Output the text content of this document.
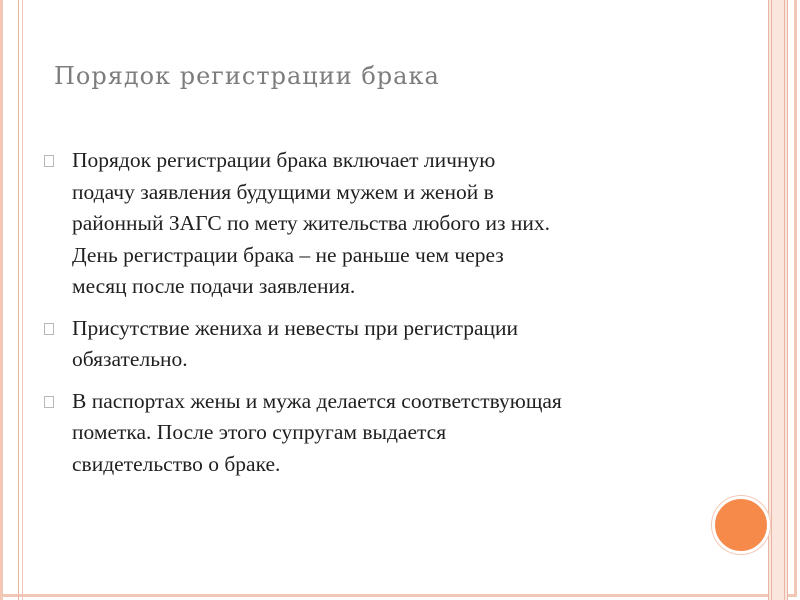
Порядок регистрации брака
Порядок регистрации брака включает личную
подачу заявления будущими мужем и женой в
районный ЗАГС по мету жительства любого из них.
День регистрации брака – не раньше чем через
месяц после подачи заявления.
Присутствие жениха и невесты при регистрации
обязательно.
В паспортах жены и мужа делается соответствующая
пометка. После этого супругам выдается
свидетельство о браке.
